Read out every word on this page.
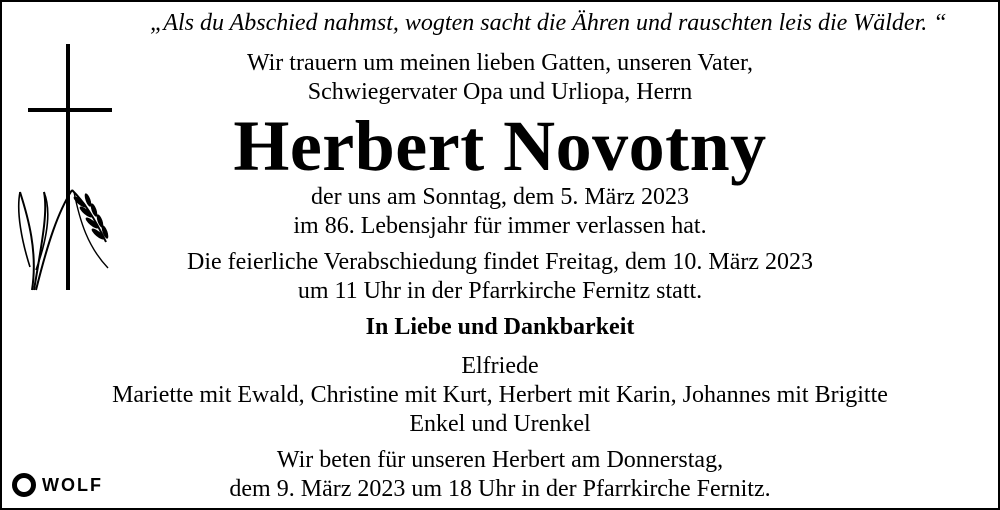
„Als du Abschied nahmst, wogten sacht die Ähren und rauschten leis die Wälder. “
Wir trauern um meinen lieben Gatten, unseren Vater,
Schwiegervater Opa und Urliopa, Herrn
Herbert Novotny
der uns am Sonntag, dem 5. März 2023
im 86. Lebensjahr für immer verlassen hat.
Die feierliche Verabschiedung findet Freitag, dem 10. März 2023
um 11 Uhr in der Pfarrkirche Fernitz statt.
In Liebe und Dankbarkeit
Elfriede
Mariette mit Ewald, Christine mit Kurt, Herbert mit Karin, Johannes mit Brigitte
Enkel und Urenkel
Wir beten für unseren Herbert am Donnerstag,
dem 9. März 2023 um 18 Uhr in der Pfarrkirche Fernitz.
WOLF
